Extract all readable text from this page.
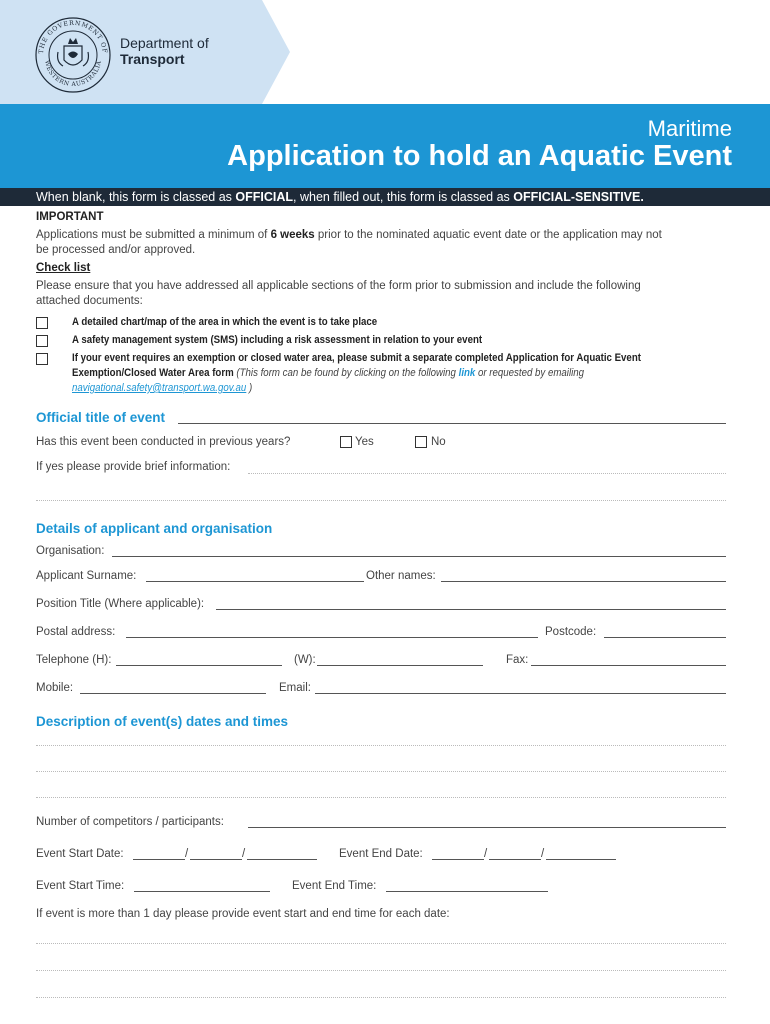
THE GOVERNMENT OF
WESTERN AUSTRALIA
Department of
Transport
Maritime
Application to hold an Aquatic Event
When blank, this form is classed as OFFICIAL, when filled out, this form is classed as OFFICIAL-SENSITIVE.
IMPORTANT
Applications must be submitted a minimum of 6 weeks prior to the nominated aquatic event date or the application may not
be processed and/or approved.
Check list
Please ensure that you have addressed all applicable sections of the form prior to submission and include the following
attached documents:
A detailed chart/map of the area in which the event is to take place
A safety management system (SMS) including a risk assessment in relation to your event
If your event requires an exemption or closed water area, please submit a separate completed Application for Aquatic Event
Exemption/Closed Water Area form (This form can be found by clicking on the following link or requested by emailing
navigational.safety@transport.wa.gov.au )
Official title of event
Has this event been conducted in previous years?	Yes	No
If yes please provide brief information:
Details of applicant and organisation
Organisation:
Applicant Surname:	Other names:
Position Title (Where applicable):
Postal address:	Postcode:
Telephone (H):	(W):	Fax:
Mobile:	Email:
Description of event(s) dates and times
Number of competitors / participants:
Event Start Date:	/	/	Event End Date:	/	/
Event Start Time:	Event End Time:
If event is more than 1 day please provide event start and end time for each date:
